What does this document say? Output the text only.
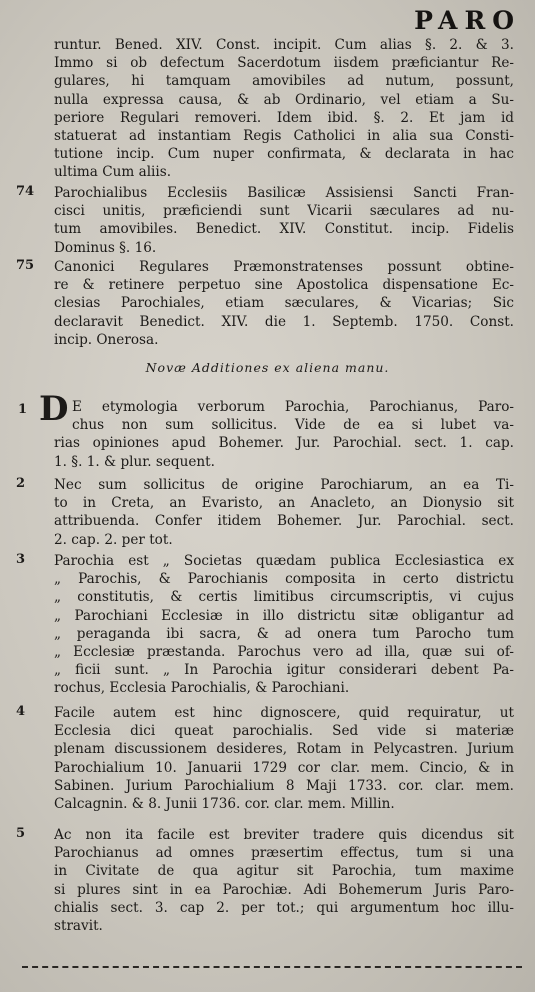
PARO
runtur. Bened. XIV. Const. incipit. Cum alias §. 2. & 3.
Immo si ob defectum Sacerdotum iisdem præficiantur Re-
gulares, hi tamquam amovibiles ad nutum, possunt,
nulla expressa causa, & ab Ordinario, vel etiam a Su-
periore Regulari removeri. Idem ibid. §. 2. Et jam id
statuerat ad instantiam Regis Catholici in alia sua Consti-
tutione incip. Cum nuper confirmata, & declarata in hac
ultima Cum aliis.
74 Parochialibus Ecclesiis Basilicæ Assisiensi Sancti Fran-
cisci unitis, præficiendi sunt Vicarii sæculares ad nu-
tum amovibiles. Benedict. XIV. Constitut. incip. Fidelis
Dominus §. 16.
75 Canonici Regulares Præmonstratenses possunt obtine-
re & retinere perpetuo sine Apostolica dispensatione Ec-
clesias Parochiales, etiam sæculares, & Vicarias; Sic
declaravit Benedict. XIV. die 1. Septemb. 1750. Const.
incip. Onerosa.
Novæ Additiones ex aliena manu.
1 D E etymologia verborum Parochia, Parochianus, Paro-
chus non sum sollicitus. Vide de ea si lubet va-
rias opiniones apud Bohemer. Jur. Parochial. sect. 1. cap.
1. §. 1. & plur. sequent.
2 Nec sum sollicitus de origine Parochiarum, an ea Ti-
to in Creta, an Evaristo, an Anacleto, an Dionysio sit
attribuenda. Confer itidem Bohemer. Jur. Parochial. sect.
2. cap. 2. per tot.
3 Parochia est „ Societas quædam publica Ecclesiastica ex
„ Parochis, & Parochianis composita in certo districtu
„ constitutis, & certis limitibus circumscriptis, vi cujus
„ Parochiani Ecclesiæ in illo districtu sitæ obligantur ad
„ peraganda ibi sacra, & ad onera tum Parocho tum
„ Ecclesiæ præstanda. Parochus vero ad illa, quæ sui of-
„ ficii sunt. „ In Parochia igitur considerari debent Pa-
rochus, Ecclesia Parochialis, & Parochiani.
4 Facile autem est hinc dignoscere, quid requiratur, ut
Ecclesia dici queat parochialis. Sed vide si materiæ
plenam discussionem desideres, Rotam in Pelycastren. Jurium
Parochialium 10. Januarii 1729 cor clar. mem. Cincio, & in
Sabinen. Jurium Parochialium 8 Maji 1733. cor. clar. mem.
Calcagnin. & 8. Junii 1736. cor. clar. mem. Millin.
5 Ac non ita facile est breviter tradere quis dicendus sit
Parochianus ad omnes præsertim effectus, tum si una
in Civitate de qua agitur sit Parochia, tum maxime
si plures sint in ea Parochiæ. Adi Bohemerum Juris Paro-
chialis sect. 3. cap 2. per tot.; qui argumentum hoc illu-
stravit.
